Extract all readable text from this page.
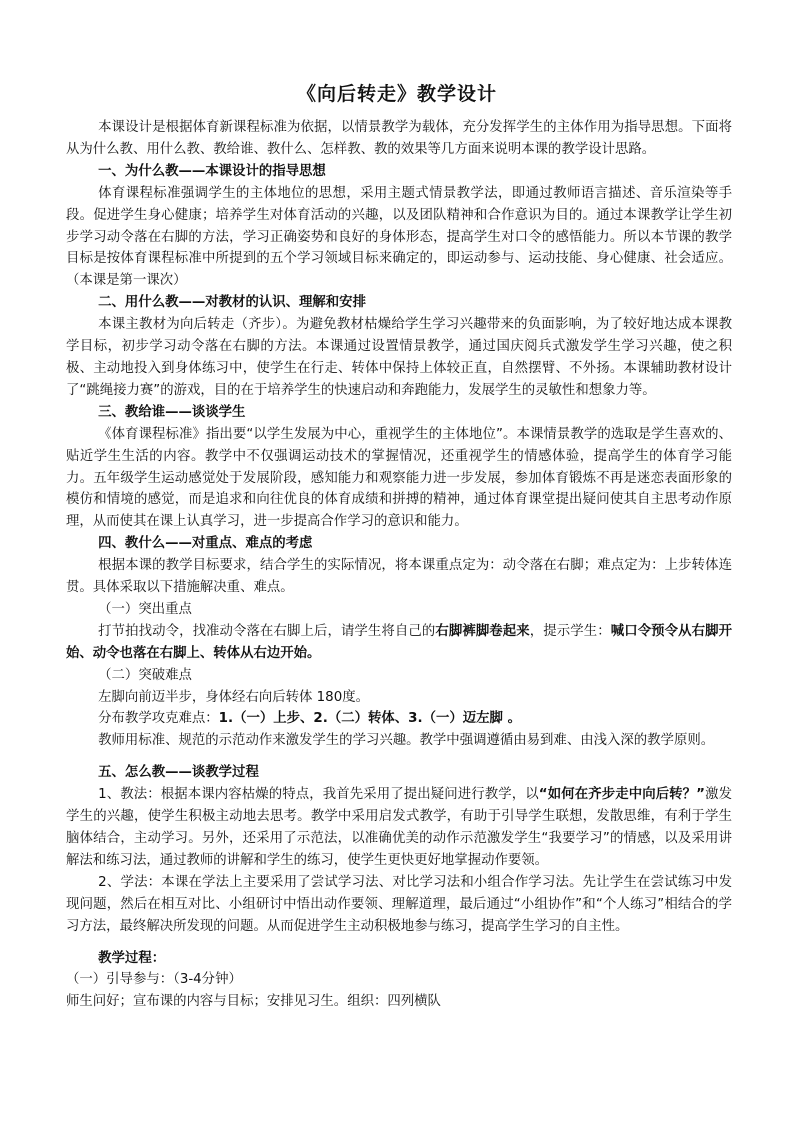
《向后转走》教学设计

本课设计是根据体育新课程标准为依据，以情景教学为载体，充分发挥学生的主体作用为指导思想。下面将从为什么教、用什么教、教给谁、教什么、怎样教、教的效果等几方面来说明本课的教学设计思路。

一、为什么教——本课设计的指导思想

体育课程标准强调学生的主体地位的思想，采用主题式情景教学法，即通过教师语言描述、音乐渲染等手段。促进学生身心健康；培养学生对体育活动的兴趣，以及团队精神和合作意识为目的。通过本课教学让学生初步学习动令落在右脚的方法，学习正确姿势和良好的身体形态，提高学生对口令的感悟能力。所以本节课的教学目标是按体育课程标准中所提到的五个学习领域目标来确定的，即运动参与、运动技能、身心健康、社会适应。（本课是第一课次）

二、用什么教——对教材的认识、理解和安排

本课主教材为向后转走（齐步）。为避免教材枯燥给学生学习兴趣带来的负面影响，为了较好地达成本课教学目标，初步学习动令落在右脚的方法。本课通过设置情景教学，通过国庆阅兵式激发学生学习兴趣，使之积极、主动地投入到身体练习中，使学生在行走、转体中保持上体较正直，自然摆臂、不外扬。本课辅助教材设计了“跳绳接力赛”的游戏，目的在于培养学生的快速启动和奔跑能力，发展学生的灵敏性和想象力等。

三、教给谁——谈谈学生

《体育课程标准》指出要“以学生发展为中心，重视学生的主体地位”。本课情景教学的选取是学生喜欢的、贴近学生生活的内容。教学中不仅强调运动技术的掌握情况，还重视学生的情感体验，提高学生的体育学习能力。五年级学生运动感觉处于发展阶段，感知能力和观察能力进一步发展，参加体育锻炼不再是迷恋表面形象的模仿和情境的感觉，而是追求和向往优良的体育成绩和拼搏的精神，通过体育课堂提出疑问使其自主思考动作原理，从而使其在课上认真学习，进一步提高合作学习的意识和能力。

四、教什么——对重点、难点的考虑

根据本课的教学目标要求，结合学生的实际情况，将本课重点定为：动令落在右脚；难点定为：上步转体连贯。具体采取以下措施解决重、难点。

（一）突出重点

打节拍找动令，找准动令落在右脚上后，请学生将自己的右脚裤脚卷起来，提示学生：喊口令预令从右脚开始、动令也落在右脚上、转体从右边开始。

（二）突破难点

左脚向前迈半步，身体经右向后转体 180度。

分布教学攻克难点：1.（一）上步、2.（二）转体、3.（一）迈左脚 。

教师用标准、规范的示范动作来激发学生的学习兴趣。教学中强调遵循由易到难、由浅入深的教学原则。

五、怎么教——谈教学过程

1、教法：根据本课内容枯燥的特点，我首先采用了提出疑问进行教学，以“如何在齐步走中向后转？”激发学生的兴趣，使学生积极主动地去思考。教学中采用启发式教学，有助于引导学生联想，发散思维，有利于学生脑体结合，主动学习。另外，还采用了示范法，以准确优美的动作示范激发学生“我要学习”的情感，以及采用讲解法和练习法，通过教师的讲解和学生的练习，使学生更快更好地掌握动作要领。

2、学法：本课在学法上主要采用了尝试学习法、对比学习法和小组合作学习法。先让学生在尝试练习中发现问题，然后在相互对比、小组研讨中悟出动作要领、理解道理，最后通过“小组协作”和“个人练习”相结合的学习方法，最终解决所发现的问题。从而促进学生主动积极地参与练习，提高学生学习的自主性。

教学过程：

（一）引导参与：（3-4分钟）

师生问好；宣布课的内容与目标；安排见习生。组织：四列横队
